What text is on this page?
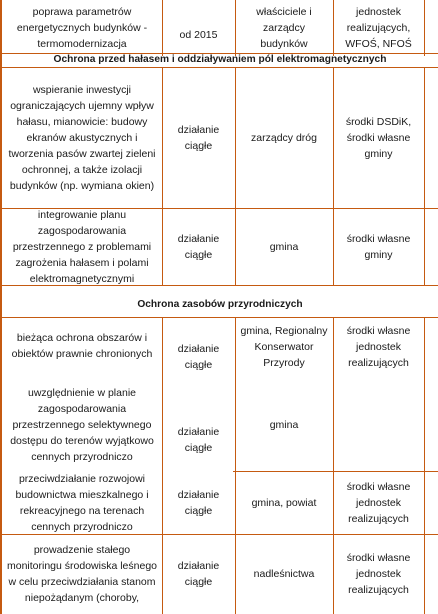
poprawa parametrów energetycznych budynków - termomodernizacja
od 2015
właściciele i zarządcy budynków
jednostek realizujących, WFOŚ, NFOŚ
Ochrona przed hałasem i oddziaływaniem pól elektromagnetycznych
wspieranie inwestycji ograniczających ujemny wpływ hałasu, mianowicie: budowy ekranów akustycznych i tworzenia pasów zwartej zieleni ochronnej, a także izolacji budynków (np. wymiana okien)
działanie ciągłe
zarządcy dróg
środki DSDiK, środki własne gminy
integrowanie planu zagospodarowania przestrzennego z problemami zagrożenia hałasem i polami elektromagnetycznymi
działanie ciągłe
gmina
środki własne gminy
Ochrona zasobów przyrodniczych
bieżąca ochrona obszarów i obiektów prawnie chronionych	działanie ciągłe
gmina, Regionalny Konserwator Przyrody
środki własne jednostek realizujących
uwzględnienie w planie zagospodarowania przestrzennego selektywnego dostępu do terenów wyjątkowo cennych przyrodniczo
działanie ciągłe
gmina
przeciwdziałanie rozwojowi budownictwa mieszkalnego i rekreacyjnego na terenach cennych przyrodniczo
działanie ciągłe
gmina, powiat
środki własne jednostek realizujących
prowadzenie stałego monitoringu środowiska leśnego w celu przeciwdziałania stanom niepożądanym (choroby,
działanie ciągłe
nadleśnictwa
środki własne jednostek realizujących
